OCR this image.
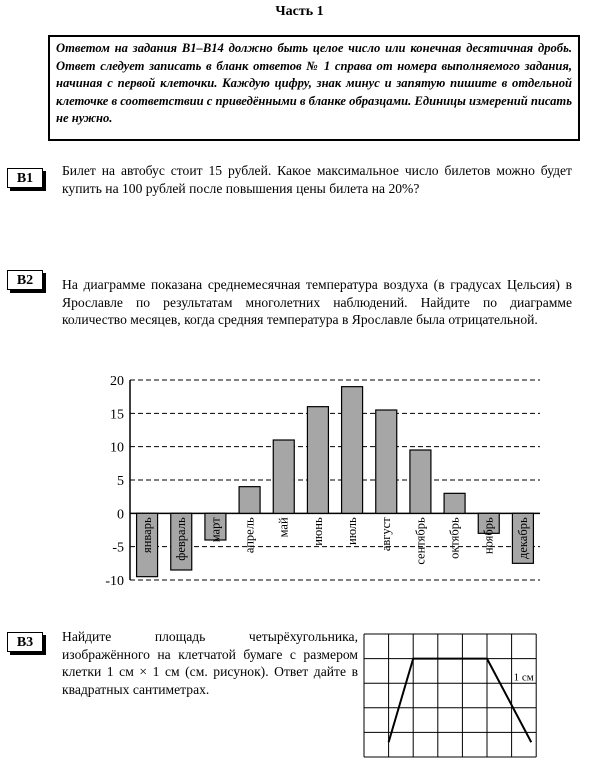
Часть 1
Ответом на задания В1–В14 должно быть целое число или конечная десятичная дробь. Ответ следует записать в бланк ответов № 1 справа от номера выполняемого задания, начиная с первой клеточки. Каждую цифру, знак минус и запятую пишите в отдельной клеточке в соответствии с приведёнными в бланке образцами. Единицы измерений писать не нужно.
B1
Билет на автобус стоит 15 рублей. Какое максимальное число билетов можно будет купить на 100 рублей после повышения цены билета на 20%?
B2	На диаграмме показана среднемесячная температура воздуха (в градусах Цельсия) в Ярославле по результатам многолетних наблюдений. Найдите по диаграмме количество месяцев, когда средняя температура в Ярославле была отрицательной.
20
15
10
5
0
-5
-10
январь февраль март апрель май июнь июль август сентябрь октябрь ноябрь декабрь
B3	Найдите площадь четырёхугольника, изображённого на клетчатой бумаге с размером клетки 1 см × 1 см (см. рисунок). Ответ дайте в квадратных сантиметрах.
1 см
